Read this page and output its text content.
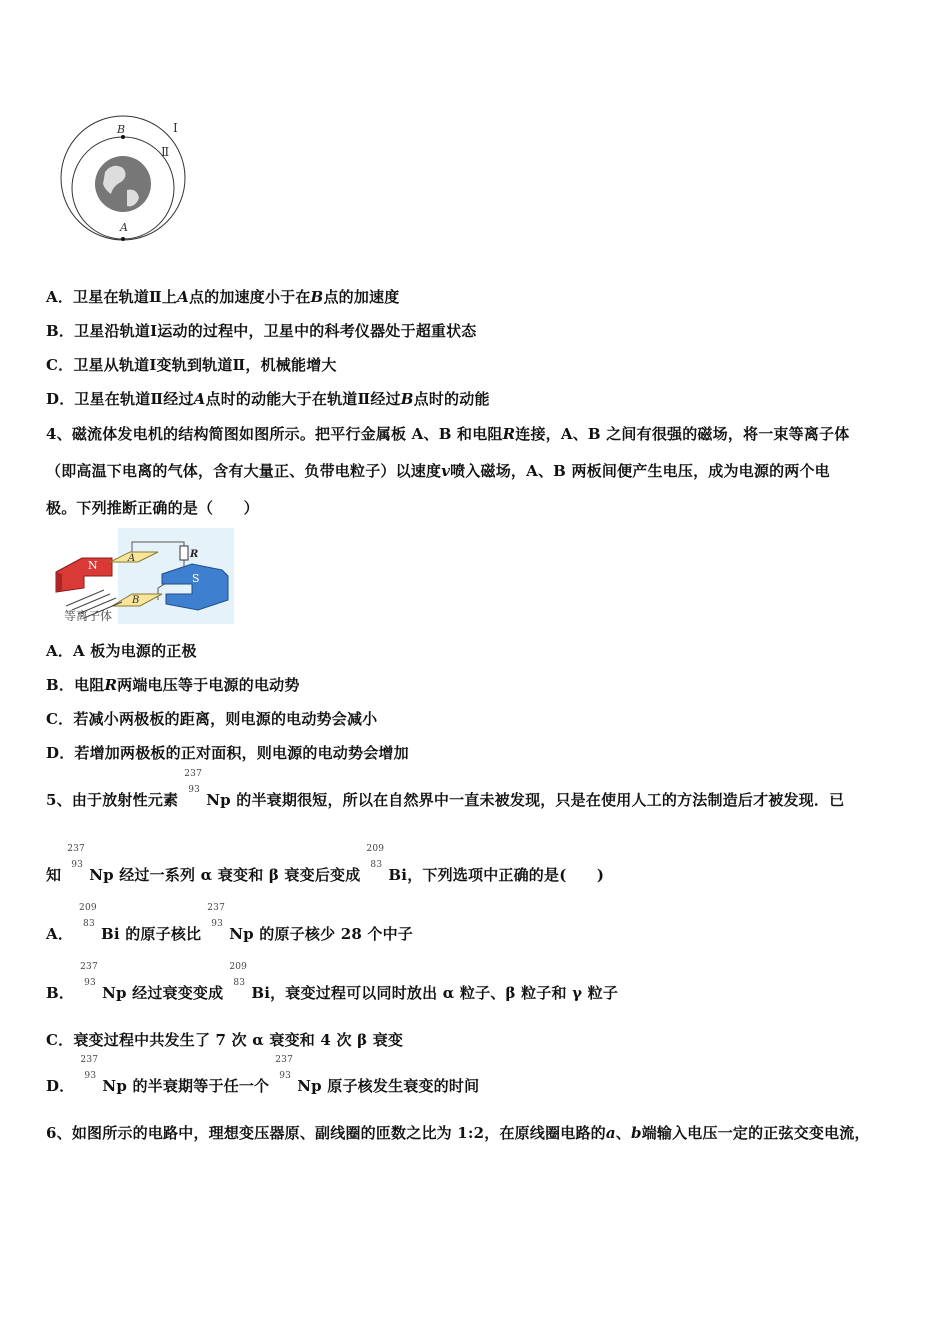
B
A
Ⅰ
Ⅱ
A．卫星在轨道Ⅱ上A点的加速度小于在B点的加速度
B．卫星沿轨道Ⅰ运动的过程中，卫星中的科考仪器处于超重状态
C．卫星从轨道Ⅰ变轨到轨道Ⅱ，机械能增大
D．卫星在轨道Ⅱ经过A点时的动能大于在轨道Ⅱ经过B点时的动能
4、磁流体发电机的结构简图如图所示。把平行金属板 A、B 和电阻R连接，A、B 之间有很强的磁场，将一束等离子体
（即高温下电离的气体，含有大量正、负带电粒子）以速度v喷入磁场，A、B 两板间便产生电压，成为电源的两个电
极。下列推断正确的是（　　）
R
N
A
B
S
等离子体
A．A 板为电源的正极
B．电阻R两端电压等于电源的电动势
C．若减小两极板的距离，则电源的电动势会减小
D．若增加两极板的正对面积，则电源的电动势会增加
5、由于放射性元素
237
93
Np 的半衰期很短，所以在自然界中一直未被发现，只是在使用人工的方法制造后才被发现．已
知
237
93
Np 经过一系列 α 衰变和 β 衰变后变成
209
83
Bi，下列选项中正确的是(　　)
A．
209
83
Bi 的原子核比
237
93
Np 的原子核少 28 个中子
B．
237
93
Np 经过衰变变成
209
83
Bi，衰变过程可以同时放出 α 粒子、β 粒子和 γ 粒子
C．衰变过程中共发生了 7 次 α 衰变和 4 次 β 衰变
D．
237
93
Np 的半衰期等于任一个
237
93
Np 原子核发生衰变的时间
6、如图所示的电路中，理想变压器原、副线圈的匝数之比为 1:2，在原线圈电路的a、b端输入电压一定的正弦交变电流，
